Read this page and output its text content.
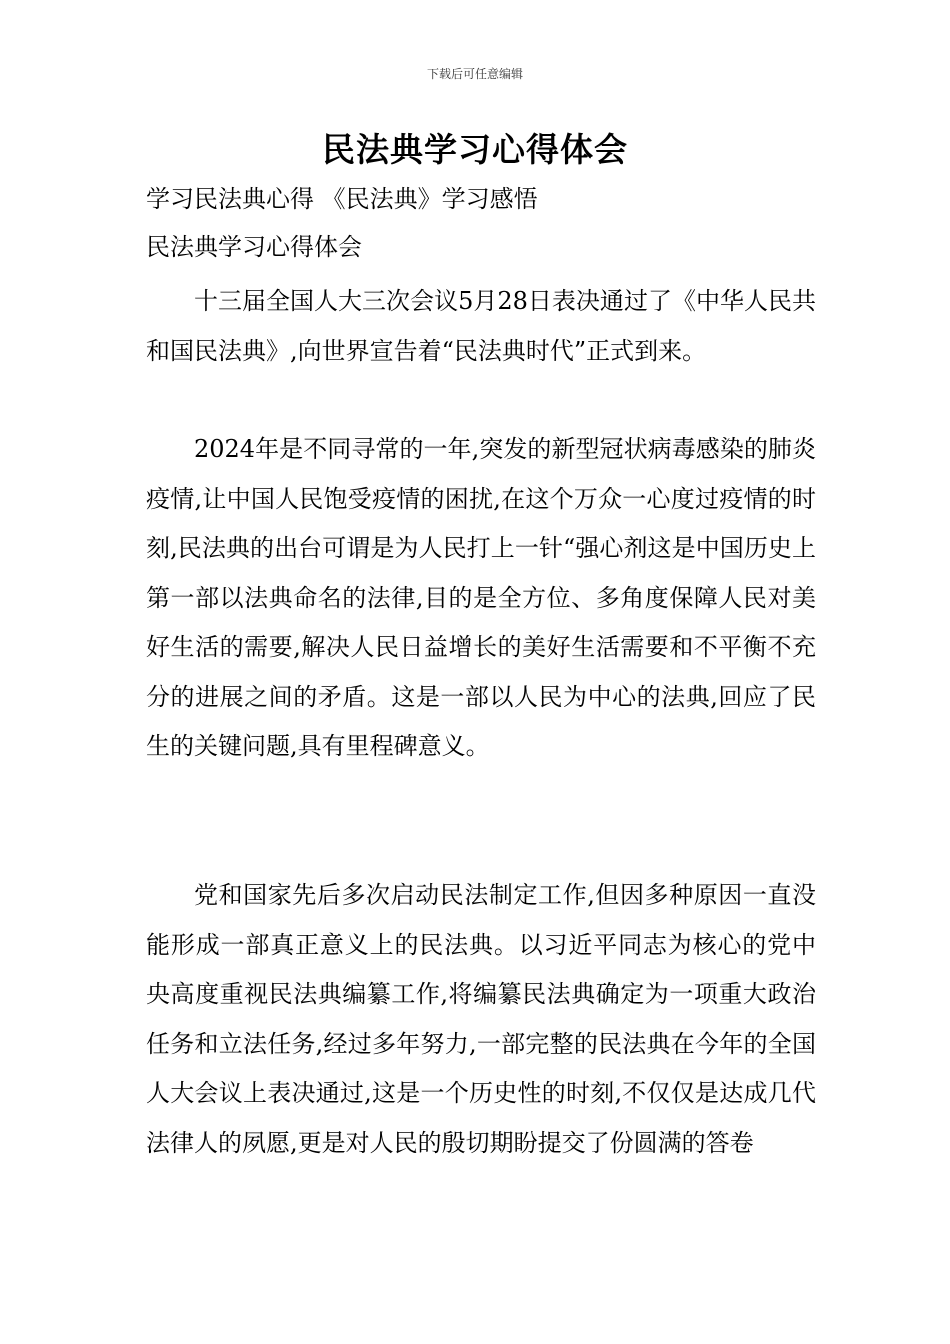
下载后可任意编辑
民法典学习心得体会
学习民法典心得 《民法典》学习感悟
民法典学习心得体会

十三届全国人大三次会议5月28日表决通过了《中华人民共和国民法典》,向世界宣告着“民法典时代”正式到来。

2024年是不同寻常的一年,突发的新型冠状病毒感染的肺炎疫情,让中国人民饱受疫情的困扰,在这个万众一心度过疫情的时刻,民法典的出台可谓是为人民打上一针“强心剂这是中国历史上第一部以法典命名的法律,目的是全方位、多角度保障人民对美好生活的需要,解决人民日益增长的美好生活需要和不平衡不充分的进展之间的矛盾。这是一部以人民为中心的法典,回应了民生的关键问题,具有里程碑意义。

党和国家先后多次启动民法制定工作,但因多种原因一直没能形成一部真正意义上的民法典。以习近平同志为核心的党中央高度重视民法典编纂工作,将编纂民法典确定为一项重大政治任务和立法任务,经过多年努力,一部完整的民法典在今年的全国人大会议上表决通过,这是一个历史性的时刻,不仅仅是达成几代法律人的夙愿,更是对人民的殷切期盼提交了份圆满的答卷
